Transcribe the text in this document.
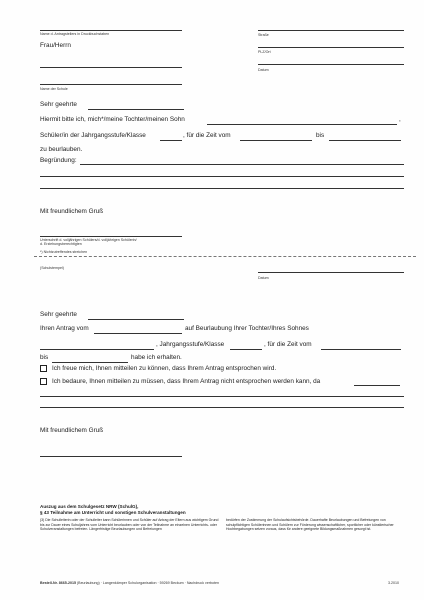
Name d. Antragstellers in Druckbuchstaben	Straße
Frau/Herrn
PLZ/Ort
Datum
Name der Schule
Sehr geehrte
Hiermit bitte ich, mich*/meine Tochter/meinen Sohn	,
Schüler/in der Jahrgangsstufe/Klasse	, für die Zeit vom	bis
zu beurlauben.
Begründung:
Mit freundlichem Gruß
Unterschrift d. volljährigen Schülers/d. volljährigen Schülerin/
d. Erziehungsberechtigten
*) Nichtzutreffendes streichen
(Schulstempel)
Datum
Sehr geehrte
Ihren Antrag vom	auf Beurlaubung Ihrer Tochter/Ihres Sohnes
, Jahrgangsstufe/Klasse	, für die Zeit vom
bis	habe ich erhalten.
Ich freue mich, Ihnen mitteilen zu können, dass Ihrem Antrag entsprochen wird.
Ich bedaure, Ihnen mitteilen zu müssen, dass Ihrem Antrag nicht entsprochen werden kann, da
Mit freundlichem Gruß
Auszug aus dem Schulgesetz NRW (SchulG),
§ 43 Teilnahme am Unterricht und sonstigen Schulveranstaltungen
(3) Die Schulleiterin oder der Schulleiter kann Schülerinnen und Schüler auf Antrag der Eltern aus wichtigem Grund bis zur Dauer eines Schuljahres vom Unterricht beurlauben oder von der Teilnahme an einzelnen Unterrichts- oder Schulveranstaltungen befreien. Längerfristige Beurlaubungen und Befreiungen
bedürfen der Zustimmung der Schulaufsichtsbehörde. Dauerhafte Beurlaubungen und Befreiungen von schulpflichtigen Schülerinnen und Schülern zur Förderung wissenschaftlicher, sportlicher oder künstlerischer Hochbegabungen setzen voraus, dass für andere geeignete Bildungsmaßnahmen gesorgt ist.
Bestell-Nr. 8665-2015 (Beurlaubung) · Langenkämper Schulorganisation · 59269 Beckum · Nachdruck verboten	3.2010
